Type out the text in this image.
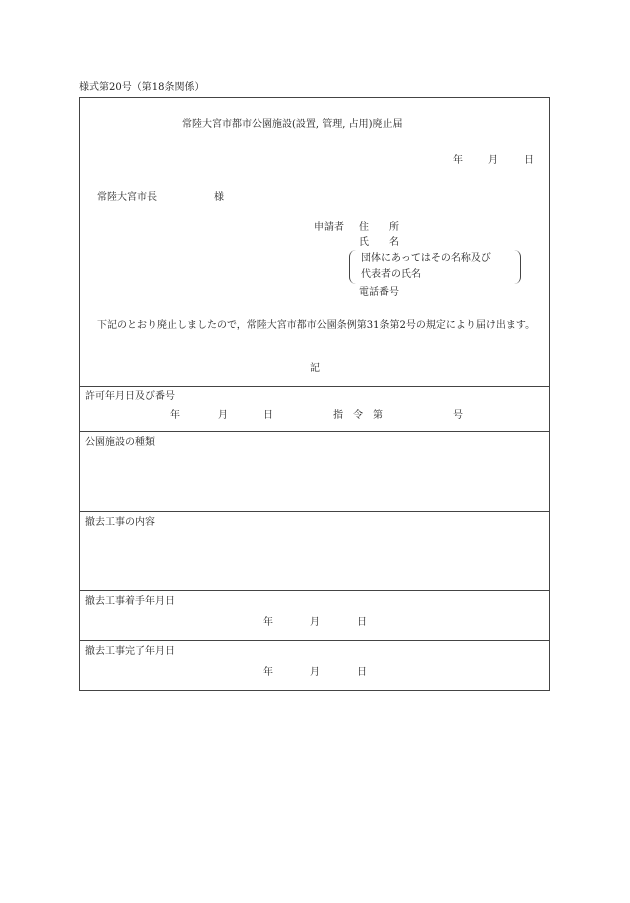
様式第20号（第18条関係）
常陸大宮市都市公園施設(設置, 管理, 占用)廃止届
年	月	日
常陸大宮市長	様
申請者 住　　所
氏　　名
団体にあってはその名称及び
代表者の氏名
電話番号
下記のとおり廃止しましたので，常陸大宮市都市公園条例第31条第2号の規定により届け出ます。
記
許可年月日及び番号
年	月	日	指　令　第	号
公園施設の種類
撤去工事の内容
撤去工事着手年月日
年	月	日
撤去工事完了年月日
年	月	日
